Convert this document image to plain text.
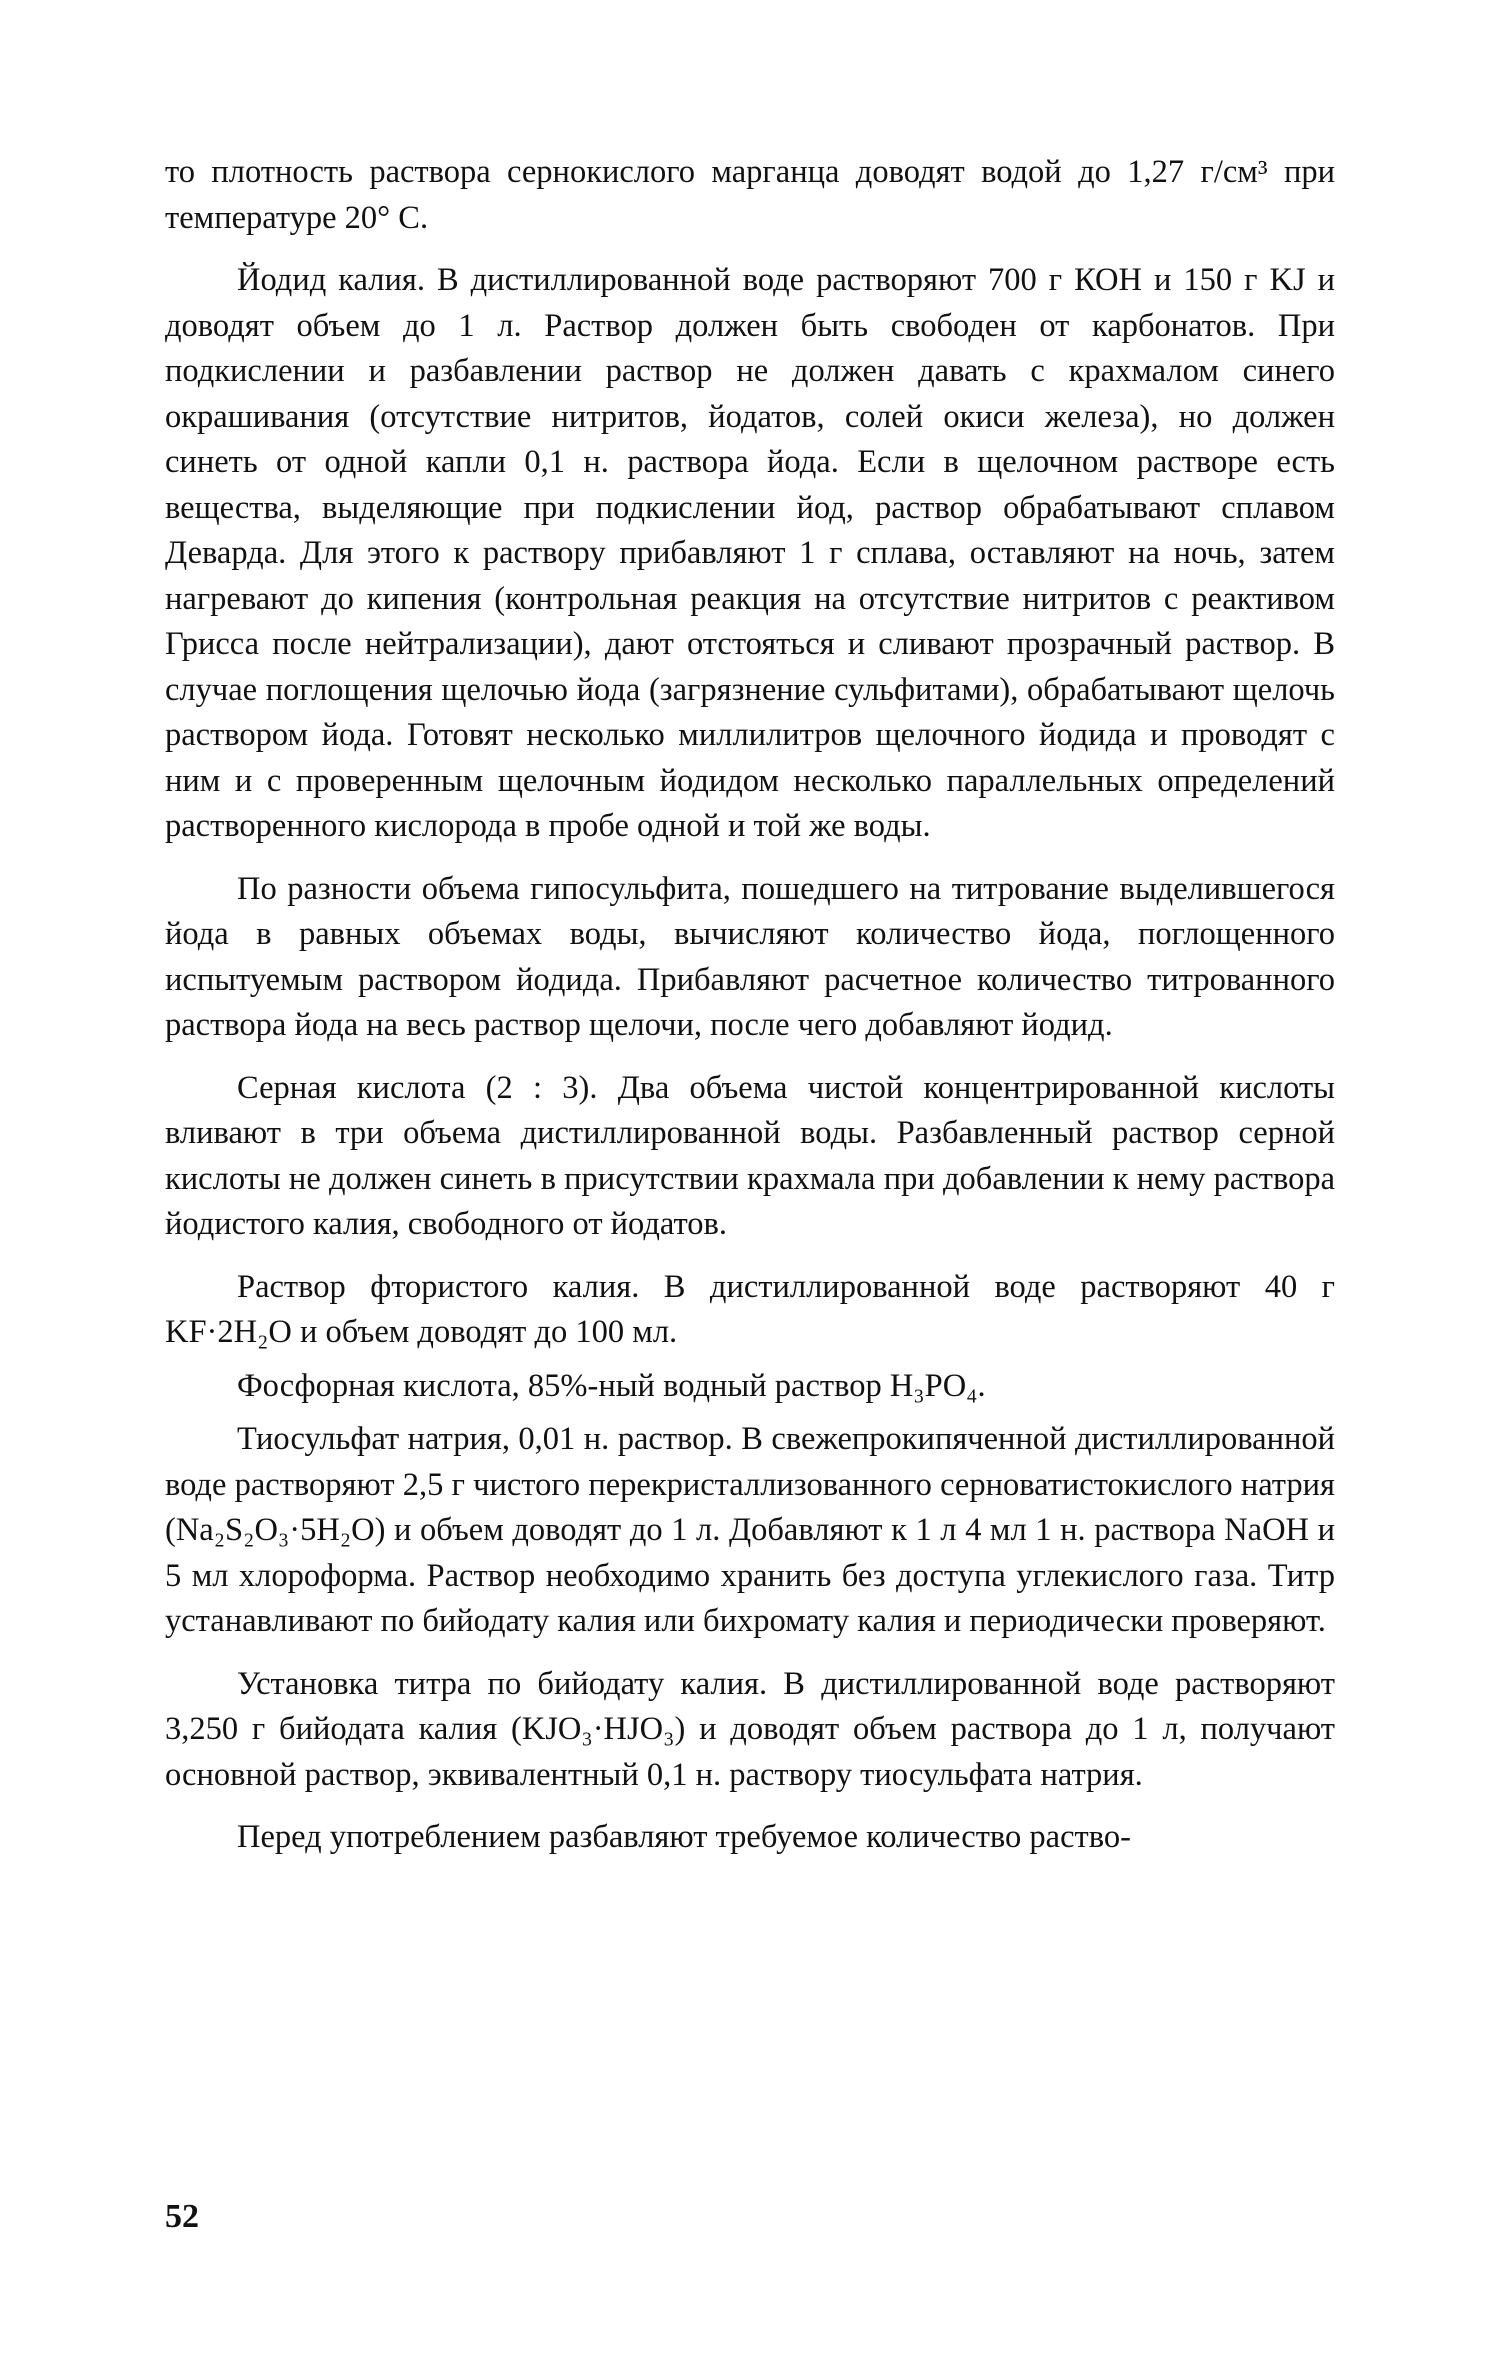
то плотность раствора сернокислого марганца доводят водой до 1,27 г/см³ при температуре 20° С.

Йодид калия. В дистиллированной воде растворяют 700 г КОН и 150 г KJ и доводят объем до 1 л. Раствор должен быть свободен от карбонатов. При подкислении и разбавлении раствор не должен давать с крахмалом синего окрашивания (отсутствие нитритов, йодатов, солей окиси железа), но должен синеть от одной капли 0,1 н. раствора йода. Если в щелочном растворе есть вещества, выделяющие при подкислении йод, раствор обрабатывают сплавом Деварда. Для этого к раствору прибавляют 1 г сплава, оставляют на ночь, затем нагревают до кипения (контрольная реакция на отсутствие нитритов с реактивом Грисса после нейтрализации), дают отстояться и сливают прозрачный раствор. В случае поглощения щелочью йода (загрязнение сульфитами), обрабатывают щелочь раствором йода. Готовят несколько миллилитров щелочного йодида и проводят с ним и с проверенным щелочным йодидом несколько параллельных определений растворенного кислорода в пробе одной и той же воды.

По разности объема гипосульфита, пошедшего на титрование выделившегося йода в равных объемах воды, вычисляют количество йода, поглощенного испытуемым раствором йодида. Прибавляют расчетное количество титрованного раствора йода на весь раствор щелочи, после чего добавляют йодид.

Серная кислота (2 : 3). Два объема чистой концентрированной кислоты вливают в три объема дистиллированной воды. Разбавленный раствор серной кислоты не должен синеть в присутствии крахмала при добавлении к нему раствора йодистого калия, свободного от йодатов.

Раствор фтористого калия. В дистиллированной воде растворяют 40 г KF·2H₂O и объем доводят до 100 мл.

Фосфорная кислота, 85%-ный водный раствор H₃PO₄.

Тиосульфат натрия, 0,01 н. раствор. В свежепрокипяченной дистиллированной воде растворяют 2,5 г чистого перекристаллизованного серноватистокислого натрия (Na₂S₂O₃·5H₂O) и объем доводят до 1 л. Добавляют к 1 л 4 мл 1 н. раствора NaOH и 5 мл хлороформа. Раствор необходимо хранить без доступа углекислого газа. Титр устанавливают по бийодату калия или бихромату калия и периодически проверяют.

Установка титра по бийодату калия. В дистиллированной воде растворяют 3,250 г бийодата калия (KJO₃·HJO₃) и доводят объем раствора до 1 л, получают основной раствор, эквивалентный 0,1 н. раствору тиосульфата натрия.

Перед употреблением разбавляют требуемое количество раство-

52
